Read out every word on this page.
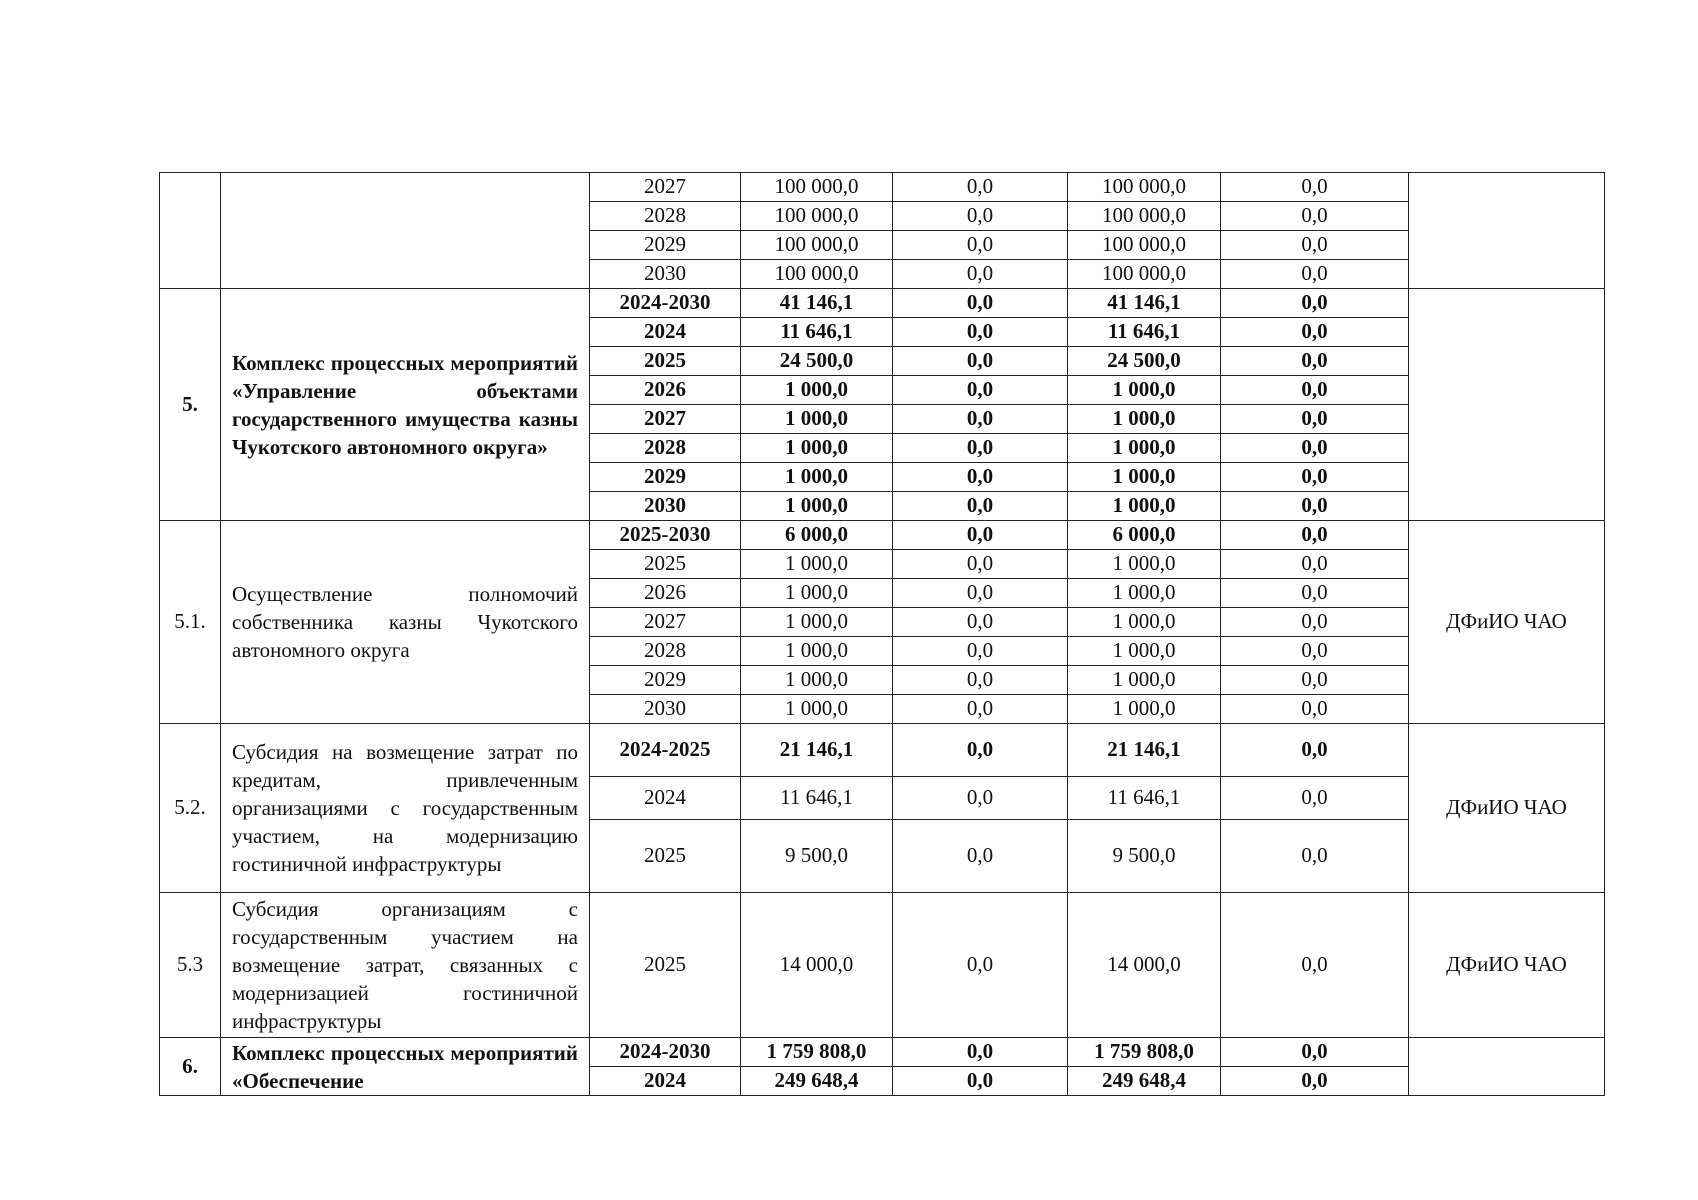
		2027	100 000,0	0,0	100 000,0	0,0	
		2028	100 000,0	0,0	100 000,0	0,0	
		2029	100 000,0	0,0	100 000,0	0,0	
		2030	100 000,0	0,0	100 000,0	0,0	
5.	Комплекс процессных мероприятий «Управление объектами государственного имущества казны Чукотского автономного округа»	2024-2030	41 146,1	0,0	41 146,1	0,0	
		2024	11 646,1	0,0	11 646,1	0,0	
		2025	24 500,0	0,0	24 500,0	0,0	
		2026	1 000,0	0,0	1 000,0	0,0	
		2027	1 000,0	0,0	1 000,0	0,0	
		2028	1 000,0	0,0	1 000,0	0,0	
		2029	1 000,0	0,0	1 000,0	0,0	
		2030	1 000,0	0,0	1 000,0	0,0	
5.1.	Осуществление полномочий собственника казны Чукотского автономного округа	2025-2030	6 000,0	0,0	6 000,0	0,0	ДФиИО ЧАО
		2025	1 000,0	0,0	1 000,0	0,0	
		2026	1 000,0	0,0	1 000,0	0,0	
		2027	1 000,0	0,0	1 000,0	0,0	
		2028	1 000,0	0,0	1 000,0	0,0	
		2029	1 000,0	0,0	1 000,0	0,0	
		2030	1 000,0	0,0	1 000,0	0,0	
5.2.	Субсидия на возмещение затрат по кредитам, привлеченным организациями с государственным участием, на модернизацию гостиничной инфраструктуры	2024-2025	21 146,1	0,0	21 146,1	0,0	ДФиИО ЧАО
		2024	11 646,1	0,0	11 646,1	0,0	
		2025	9 500,0	0,0	9 500,0	0,0	
5.3	Субсидия организациям с государственным участием на возмещение затрат, связанных с модернизацией гостиничной инфраструктуры	2025	14 000,0	0,0	14 000,0	0,0	ДФиИО ЧАО
6.	Комплекс процессных мероприятий «Обеспечение	2024-2030	1 759 808,0	0,0	1 759 808,0	0,0	
		2024	249 648,4	0,0	249 648,4	0,0	
